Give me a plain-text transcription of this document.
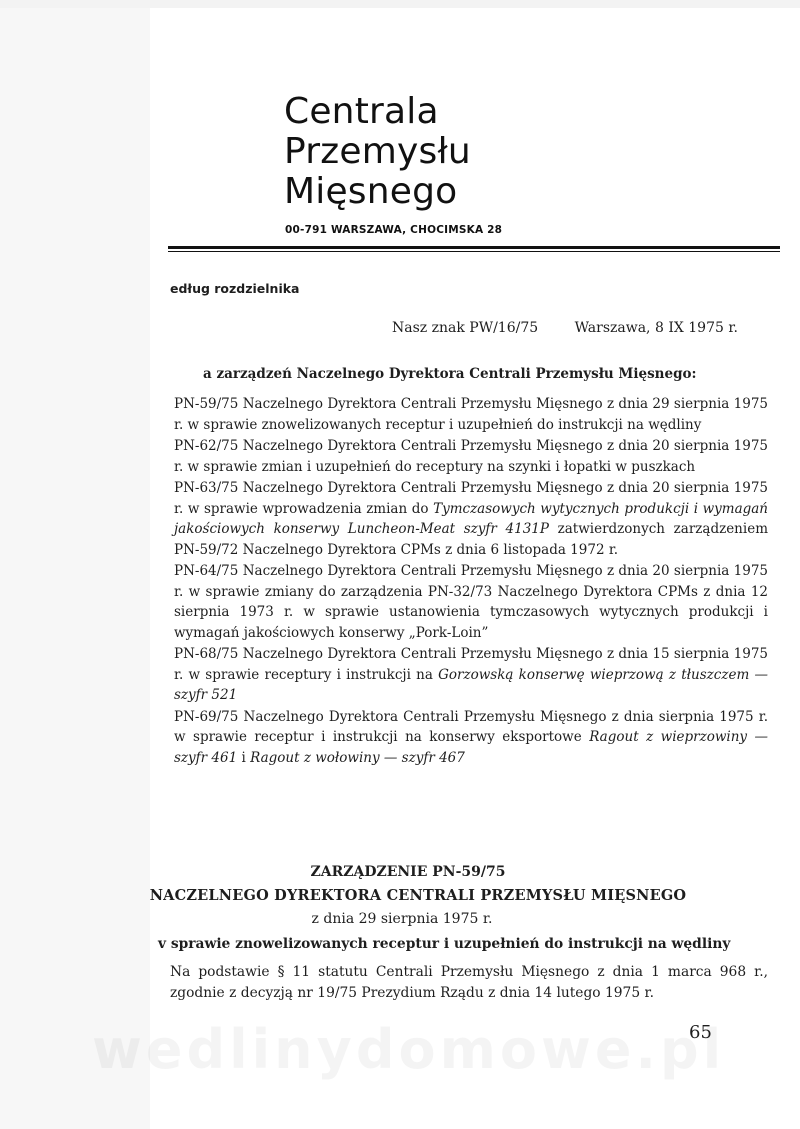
Centrala
Przemysłu
Mięsnego
00-791 WARSZAWA, CHOCIMSKA 28
edług rozdzielnika
Nasz znak PW/16/75	Warszawa, 8 IX 1975 r.
a zarządzeń Naczelnego Dyrektora Centrali Przemysłu Mięsnego:

PN-59/75 Naczelnego Dyrektora Centrali Przemysłu Mięsnego z dnia 29 sierpnia 1975 r. w sprawie znowelizowanych receptur i uzupełnień do instrukcji na wędliny

PN-62/75 Naczelnego Dyrektora Centrali Przemysłu Mięsnego z dnia 20 sierpnia 1975 r. w sprawie zmian i uzupełnień do receptury na szynki i łopatki w puszkach

PN-63/75 Naczelnego Dyrektora Centrali Przemysłu Mięsnego z dnia 20 sierpnia 1975 r. w sprawie wprowadzenia zmian do Tymczasowych wytycznych produkcji i wymagań jakościowych konserwy Luncheon-Meat szyfr 4131P zatwierdzonych zarządzeniem PN-59/72 Naczelnego Dyrektora CPMs z dnia 6 listopada 1972 r.

PN-64/75 Naczelnego Dyrektora Centrali Przemysłu Mięsnego z dnia 20 sierpnia 1975 r. w sprawie zmiany do zarządzenia PN-32/73 Naczelnego Dyrektora CPMs z dnia 12 sierpnia 1973 r. w sprawie ustanowienia tymczasowych wytycznych produkcji i wymagań jakościowych konserwy „Pork-Loin”

PN-68/75 Naczelnego Dyrektora Centrali Przemysłu Mięsnego z dnia 15 sierpnia 1975 r. w sprawie receptury i instrukcji na Gorzowską konserwę wieprzową z tłuszczem — szyfr 521

PN-69/75 Naczelnego Dyrektora Centrali Przemysłu Mięsnego z dnia sierpnia 1975 r. w sprawie receptur i instrukcji na konserwy eksportowe Ragout z wieprzowiny — szyfr 461 i Ragout z wołowiny — szyfr 467

ZARZĄDZENIE PN-59/75
NACZELNEGO DYREKTORA CENTRALI PRZEMYSŁU MIĘSNEGO
z dnia 29 sierpnia 1975 r.
v sprawie znowelizowanych receptur i uzupełnień do instrukcji na wędliny
Na podstawie § 11 statutu Centrali Przemysłu Mięsnego z dnia 1 marca 968 r., zgodnie z decyzją nr 19/75 Prezydium Rządu z dnia 14 lutego 1975 r.
65
